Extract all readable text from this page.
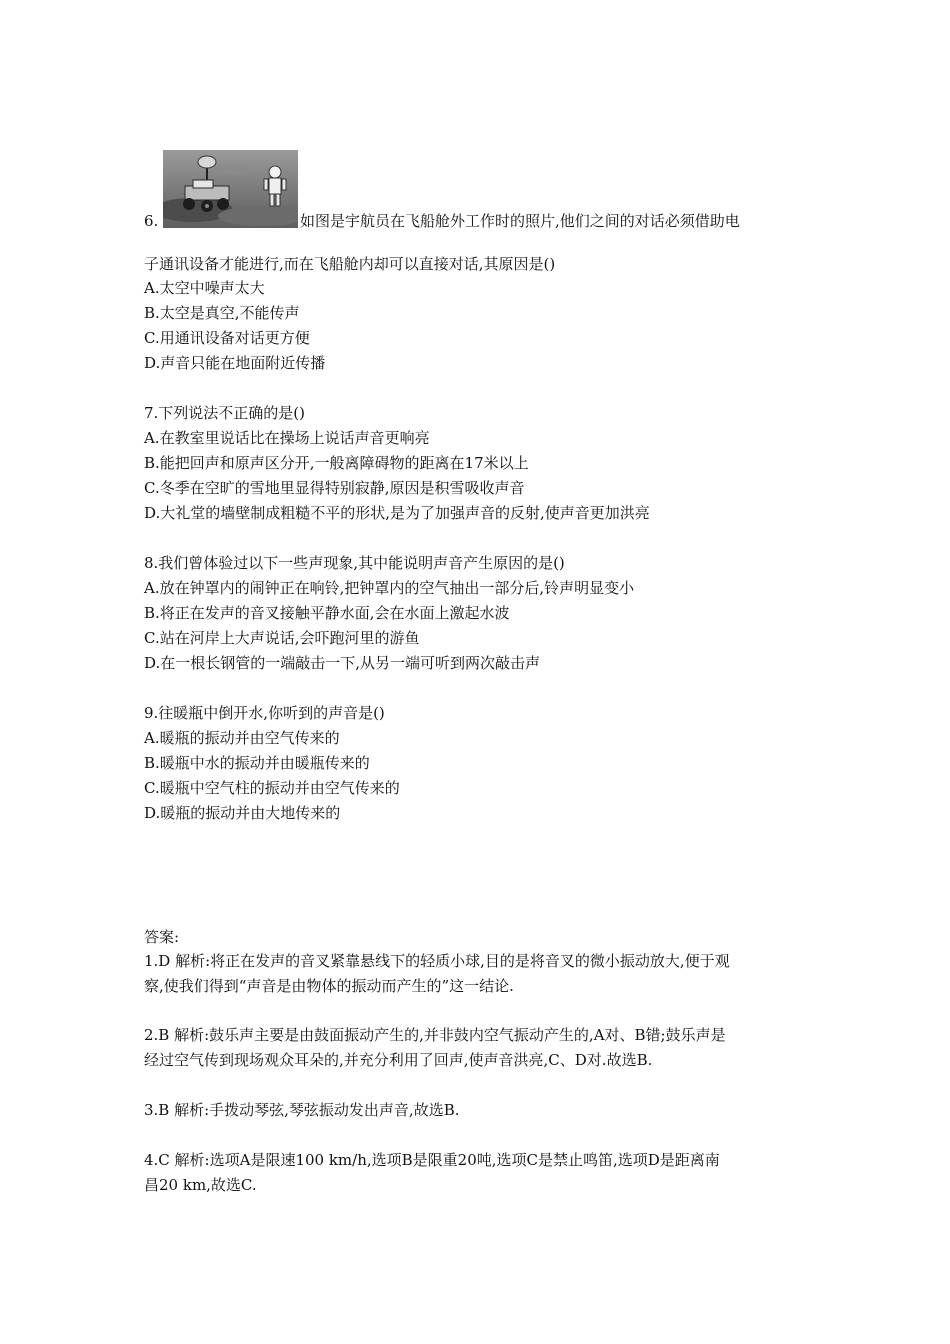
6.	如图是宇航员在飞船舱外工作时的照片,他们之间的对话必须借助电
子通讯设备才能进行,而在飞船舱内却可以直接对话,其原因是()
A.太空中噪声太大
B.太空是真空,不能传声
C.用通讯设备对话更方便
D.声音只能在地面附近传播
7.下列说法不正确的是()
A.在教室里说话比在操场上说话声音更响亮
B.能把回声和原声区分开,一般离障碍物的距离在17米以上
C.冬季在空旷的雪地里显得特别寂静,原因是积雪吸收声音
D.大礼堂的墙壁制成粗糙不平的形状,是为了加强声音的反射,使声音更加洪亮
8.我们曾体验过以下一些声现象,其中能说明声音产生原因的是()
A.放在钟罩内的闹钟正在响铃,把钟罩内的空气抽出一部分后,铃声明显变小
B.将正在发声的音叉接触平静水面,会在水面上激起水波
C.站在河岸上大声说话,会吓跑河里的游鱼
D.在一根长钢管的一端敲击一下,从另一端可听到两次敲击声
9.往暖瓶中倒开水,你听到的声音是()
A.暖瓶的振动并由空气传来的
B.暖瓶中水的振动并由暖瓶传来的
C.暖瓶中空气柱的振动并由空气传来的
D.暖瓶的振动并由大地传来的
答案:
1.D 解析:将正在发声的音叉紧靠悬线下的轻质小球,目的是将音叉的微小振动放大,便于观
察,使我们得到“声音是由物体的振动而产生的”这一结论.
2.B 解析:鼓乐声主要是由鼓面振动产生的,并非鼓内空气振动产生的,A对、B错;鼓乐声是
经过空气传到现场观众耳朵的,并充分利用了回声,使声音洪亮,C、D对.故选B.
3.B 解析:手拨动琴弦,琴弦振动发出声音,故选B.
4.C 解析:选项A是限速100 km/h,选项B是限重20吨,选项C是禁止鸣笛,选项D是距离南
昌20 km,故选C.
